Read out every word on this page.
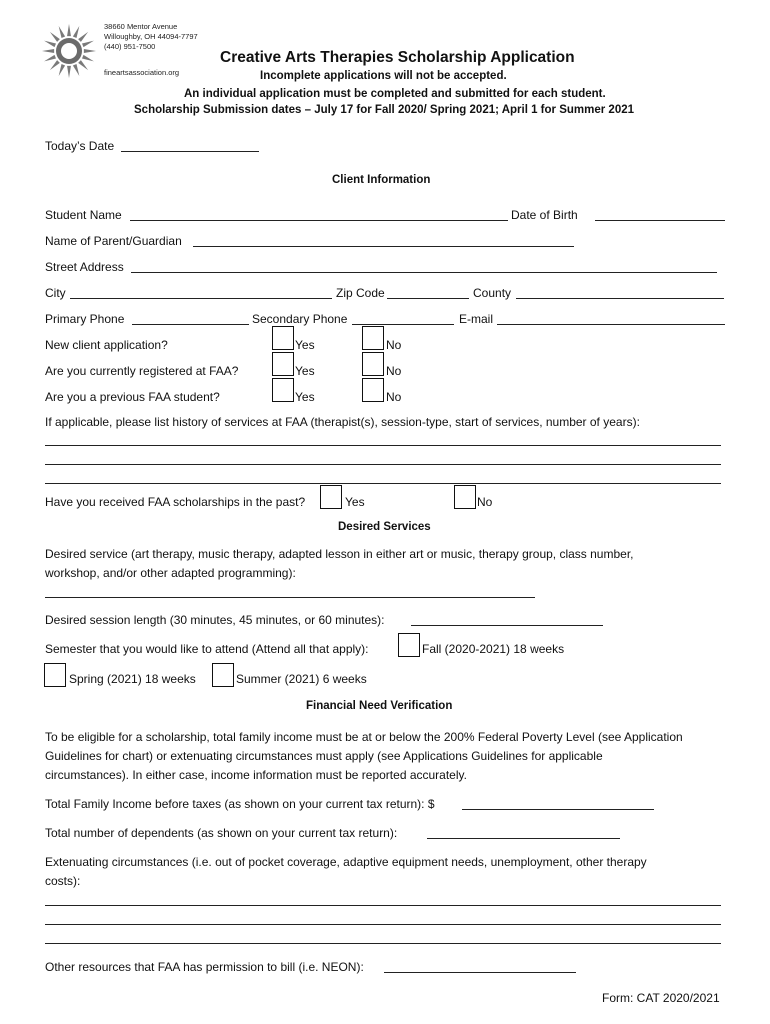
38660 Mentor Avenue
Willoughby, OH 44094-7797
(440) 951-7500
fineartsassociation.org
Creative Arts Therapies Scholarship Application
Incomplete applications will not be accepted.
An individual application must be completed and submitted for each student.
Scholarship Submission dates – July 17 for Fall 2020/ Spring 2021; April 1 for Summer 2021
Today’s Date
Client Information
Student Name	Date of Birth
Name of Parent/Guardian
Street Address
City	Zip Code	County
Primary Phone	Secondary Phone	E-mail
New client application?	Yes	No
Are you currently registered at FAA?	Yes	No
Are you a previous FAA student?	Yes	No
If applicable, please list history of services at FAA (therapist(s), session-type, start of services, number of years):
Have you received FAA scholarships in the past?	Yes	No
Desired Services
Desired service (art therapy, music therapy, adapted lesson in either art or music, therapy group, class number,
workshop, and/or other adapted programming):
Desired session length (30 minutes, 45 minutes, or 60 minutes):
Semester that you would like to attend (Attend all that apply):	Fall (2020-2021) 18 weeks
Spring (2021) 18 weeks	Summer (2021) 6 weeks
Financial Need Verification
To be eligible for a scholarship, total family income must be at or below the 200% Federal Poverty Level (see Application
Guidelines for chart) or extenuating circumstances must apply (see Applications Guidelines for applicable
circumstances). In either case, income information must be reported accurately.
Total Family Income before taxes (as shown on your current tax return): $
Total number of dependents (as shown on your current tax return):
Extenuating circumstances (i.e. out of pocket coverage, adaptive equipment needs, unemployment, other therapy
costs):
Other resources that FAA has permission to bill (i.e. NEON):
Form: CAT 2020/2021
